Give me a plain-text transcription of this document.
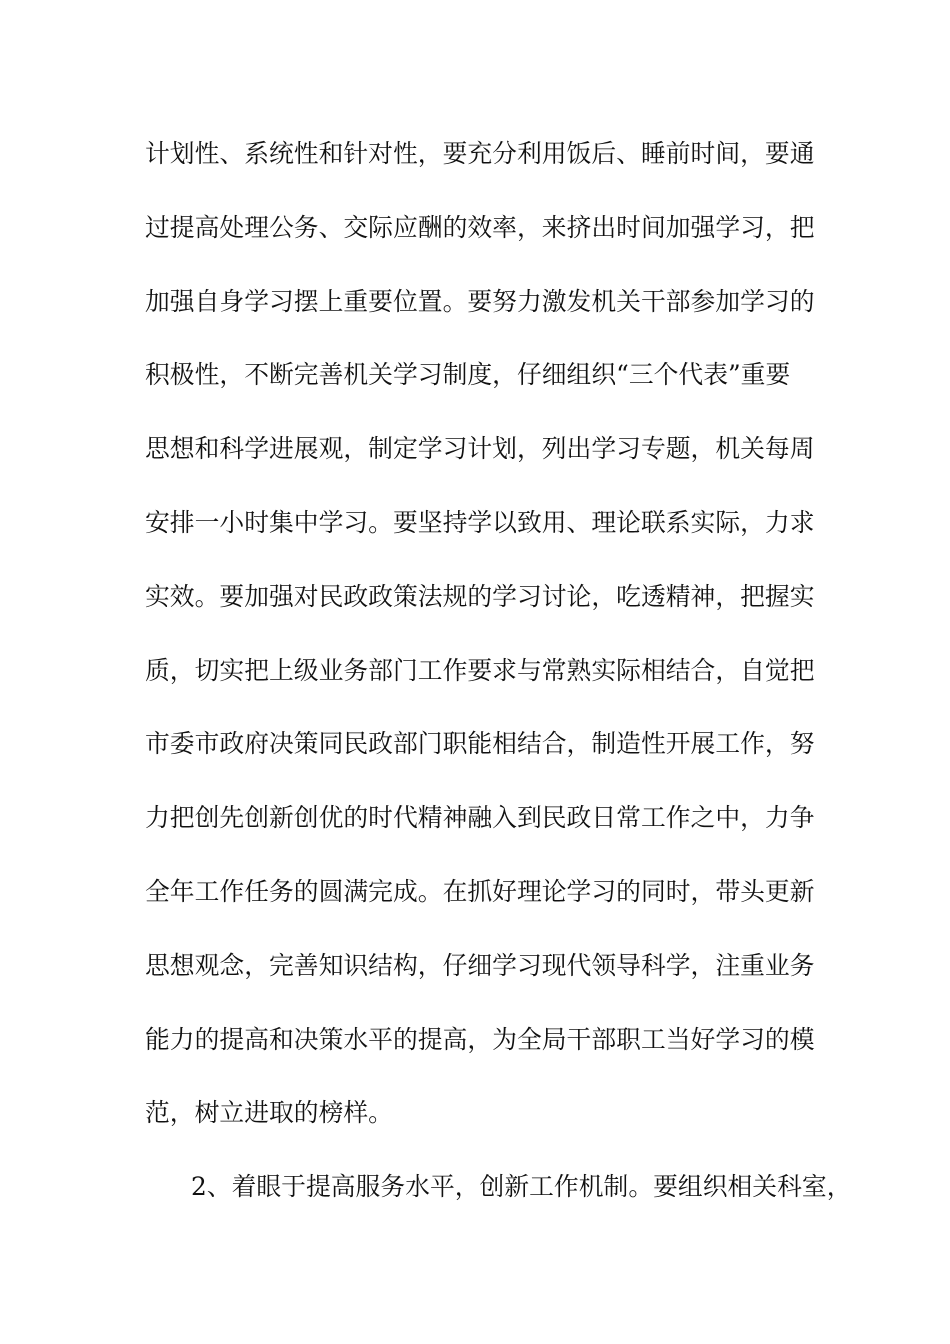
计划性、系统性和针对性，要充分利用饭后、睡前时间，要通
过提高处理公务、交际应酬的效率，来挤出时间加强学习，把
加强自身学习摆上重要位置。要努力激发机关干部参加学习的
积极性，不断完善机关学习制度，仔细组织“三个代表”重要
思想和科学进展观，制定学习计划，列出学习专题，机关每周
安排一小时集中学习。要坚持学以致用、理论联系实际，力求
实效。要加强对民政政策法规的学习讨论，吃透精神，把握实
质，切实把上级业务部门工作要求与常熟实际相结合，自觉把
市委市政府决策同民政部门职能相结合，制造性开展工作，努
力把创先创新创优的时代精神融入到民政日常工作之中，力争
全年工作任务的圆满完成。在抓好理论学习的同时，带头更新
思想观念，完善知识结构，仔细学习现代领导科学，注重业务
能力的提高和决策水平的提高，为全局干部职工当好学习的模
范，树立进取的榜样。
2、着眼于提高服务水平，创新工作机制。要组织相关科室，
